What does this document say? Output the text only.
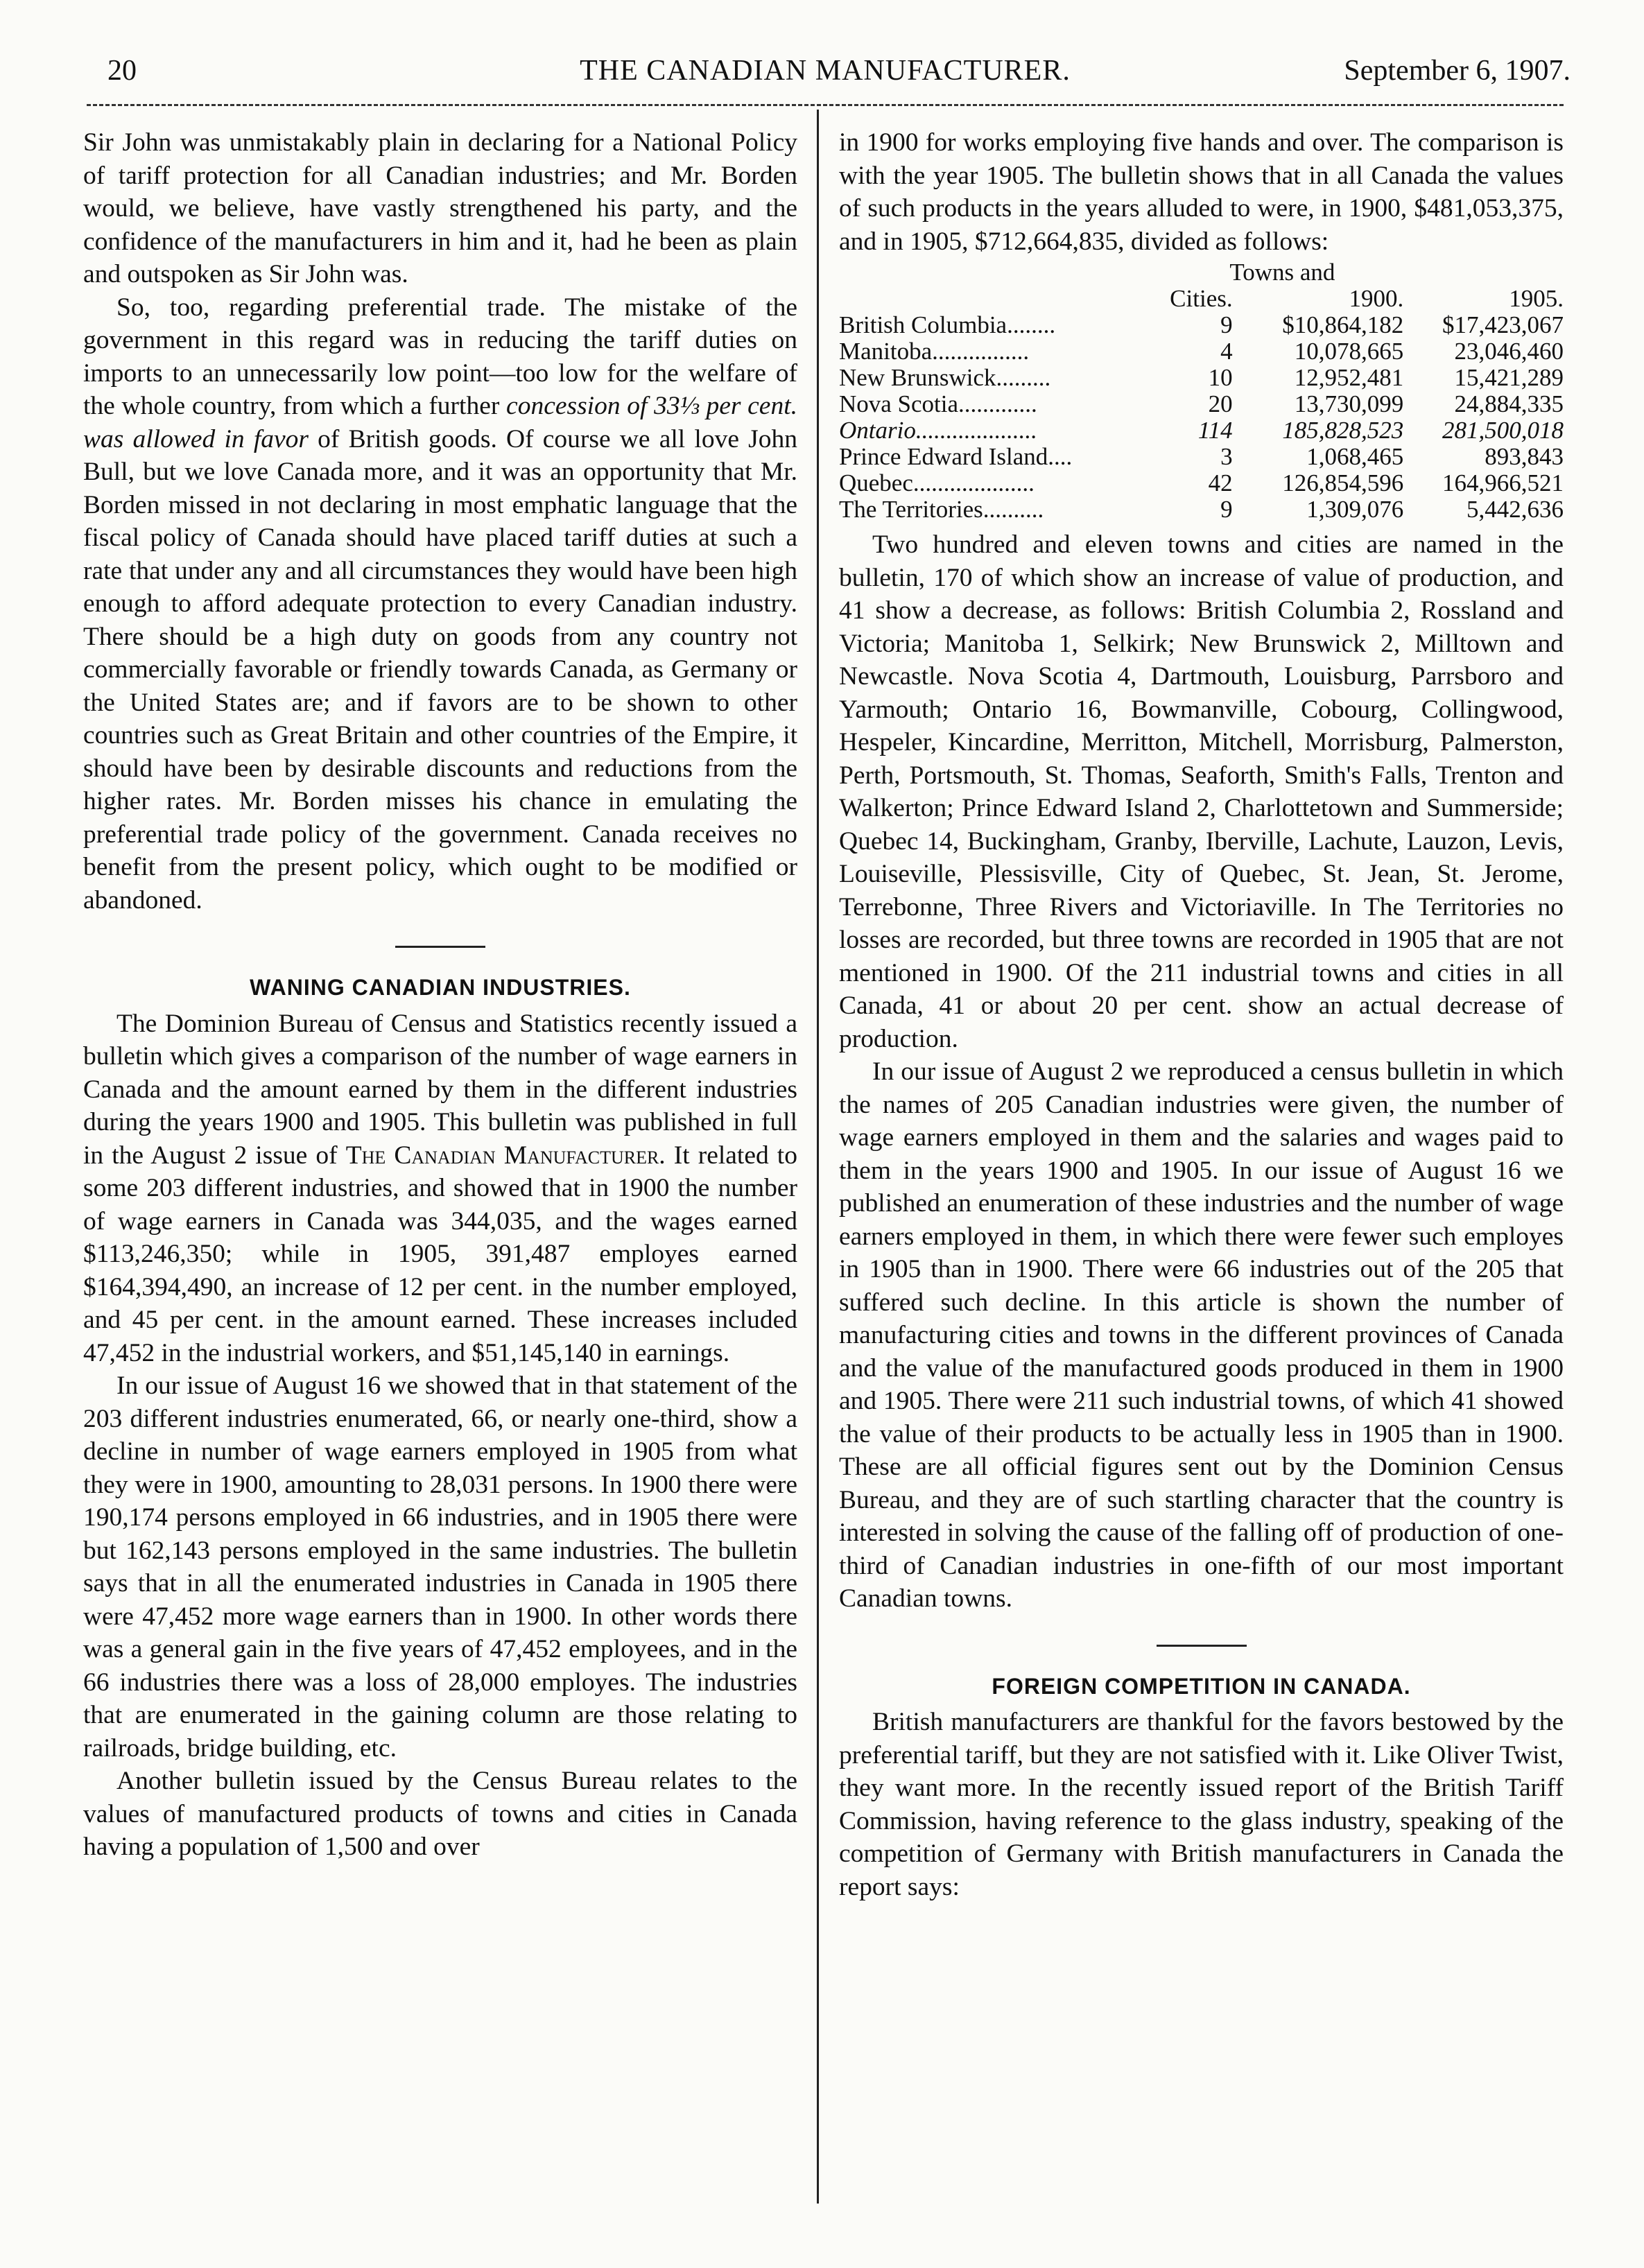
20	THE CANADIAN MANUFACTURER.	September 6, 1907.

Sir John was unmistakably plain in declaring for a National Policy of tariff protection for all Canadian industries; and Mr. Borden would, we believe, have vastly strengthened his party, and the confidence of the manufacturers in him and it, had he been as plain and outspoken as Sir John was.

So, too, regarding preferential trade. The mistake of the government in this regard was in reducing the tariff duties on imports to an unnecessarily low point—too low for the welfare of the whole country, from which a further concession of 33⅓ per cent. was allowed in favor of British goods. Of course we all love John Bull, but we love Canada more, and it was an opportunity that Mr. Borden missed in not declaring in most emphatic language that the fiscal policy of Canada should have placed tariff duties at such a rate that under any and all circumstances they would have been high enough to afford adequate protection to every Canadian industry. There should be a high duty on goods from any country not commercially favorable or friendly towards Canada, as Germany or the United States are; and if favors are to be shown to other countries such as Great Britain and other countries of the Empire, it should have been by desirable discounts and reductions from the higher rates. Mr. Borden misses his chance in emulating the preferential trade policy of the government. Canada receives no benefit from the present policy, which ought to be modified or abandoned.

WANING CANADIAN INDUSTRIES.

The Dominion Bureau of Census and Statistics recently issued a bulletin which gives a comparison of the number of wage earners in Canada and the amount earned by them in the different industries during the years 1900 and 1905. This bulletin was published in full in the August 2 issue of The Canadian Manufacturer. It related to some 203 different industries, and showed that in 1900 the number of wage earners in Canada was 344,035, and the wages earned $113,246,350; while in 1905, 391,487 employes earned $164,394,490, an increase of 12 per cent. in the number employed, and 45 per cent. in the amount earned. These increases included 47,452 in the industrial workers, and $51,145,140 in earnings.

In our issue of August 16 we showed that in that statement of the 203 different industries enumerated, 66, or nearly one-third, show a decline in number of wage earners employed in 1905 from what they were in 1900, amounting to 28,031 persons. In 1900 there were 190,174 persons employed in 66 industries, and in 1905 there were but 162,143 persons employed in the same industries. The bulletin says that in all the enumerated industries in Canada in 1905 there were 47,452 more wage earners than in 1900. In other words there was a general gain in the five years of 47,452 employees, and in the 66 industries there was a loss of 28,000 employes. The industries that are enumerated in the gaining column are those relating to railroads, bridge building, etc.

Another bulletin issued by the Census Bureau relates to the values of manufactured products of towns and cities in Canada having a population of 1,500 and over

in 1900 for works employing five hands and over. The comparison is with the year 1905. The bulletin shows that in all Canada the values of such products in the years alluded to were, in 1900, $481,053,375, and in 1905, $712,664,835, divided as follows:

	Towns and		
	Cities.	1900.	1905.
British Columbia........	9	$10,864,182	$17,423,067
Manitoba................	4	10,078,665	23,046,460
New Brunswick.........	10	12,952,481	15,421,289
Nova Scotia.............	20	13,730,099	24,884,335
Ontario....................	114	185,828,523	281,500,018
Prince Edward Island....	3	1,068,465	893,843
Quebec....................	42	126,854,596	164,966,521
The Territories..........	9	1,309,076	5,442,636

Two hundred and eleven towns and cities are named in the bulletin, 170 of which show an increase of value of production, and 41 show a decrease, as follows: British Columbia 2, Rossland and Victoria; Manitoba 1, Selkirk; New Brunswick 2, Milltown and Newcastle. Nova Scotia 4, Dartmouth, Louisburg, Parrsboro and Yarmouth; Ontario 16, Bowmanville, Cobourg, Collingwood, Hespeler, Kincardine, Merritton, Mitchell, Morrisburg, Palmerston, Perth, Portsmouth, St. Thomas, Seaforth, Smith's Falls, Trenton and Walkerton; Prince Edward Island 2, Charlottetown and Summerside; Quebec 14, Buckingham, Granby, Iberville, Lachute, Lauzon, Levis, Louiseville, Plessisville, City of Quebec, St. Jean, St. Jerome, Terrebonne, Three Rivers and Victoriaville. In The Territories no losses are recorded, but three towns are recorded in 1905 that are not mentioned in 1900. Of the 211 industrial towns and cities in all Canada, 41 or about 20 per cent. show an actual decrease of production.

In our issue of August 2 we reproduced a census bulletin in which the names of 205 Canadian industries were given, the number of wage earners employed in them and the salaries and wages paid to them in the years 1900 and 1905. In our issue of August 16 we published an enumeration of these industries and the number of wage earners employed in them, in which there were fewer such employes in 1905 than in 1900. There were 66 industries out of the 205 that suffered such decline. In this article is shown the number of manufacturing cities and towns in the different provinces of Canada and the value of the manufactured goods produced in them in 1900 and 1905. There were 211 such industrial towns, of which 41 showed the value of their products to be actually less in 1905 than in 1900. These are all official figures sent out by the Dominion Census Bureau, and they are of such startling character that the country is interested in solving the cause of the falling off of production of one-third of Canadian industries in one-fifth of our most important Canadian towns.

FOREIGN COMPETITION IN CANADA.

British manufacturers are thankful for the favors bestowed by the preferential tariff, but they are not satisfied with it. Like Oliver Twist, they want more. In the recently issued report of the British Tariff Commission, having reference to the glass industry, speaking of the competition of Germany with British manufacturers in Canada the report says:
